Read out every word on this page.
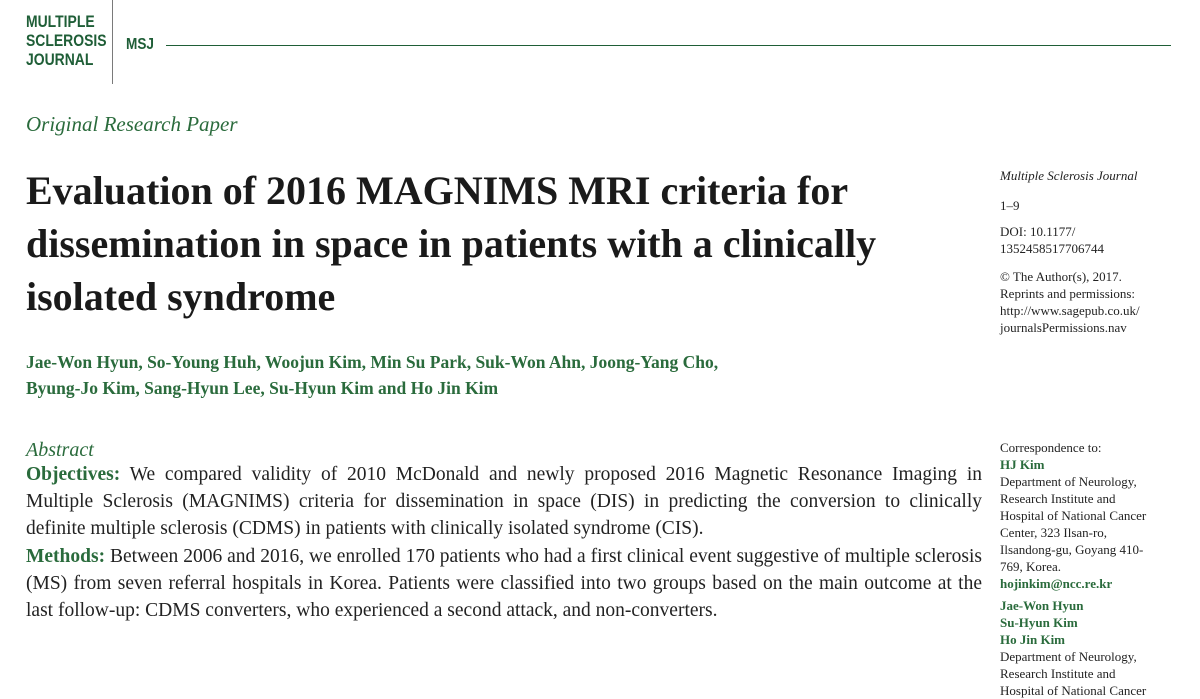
MULTIPLE
SCLEROSIS
JOURNAL
MSJ
Original Research Paper
Evaluation of 2016 MAGNIMS MRI criteria for dissemination in space in patients with a clinically isolated syndrome
Jae-Won Hyun, So-Young Huh, Woojun Kim, Min Su Park, Suk-Won Ahn, Joong-Yang Cho,
Byung-Jo Kim, Sang-Hyun Lee, Su-Hyun Kim and Ho Jin Kim
Abstract

Objectives: We compared validity of 2010 McDonald and newly proposed 2016 Magnetic Resonance Imaging in Multiple Sclerosis (MAGNIMS) criteria for dissemination in space (DIS) in predicting the conversion to clinically definite multiple sclerosis (CDMS) in patients with clinically isolated syndrome (CIS).

Methods: Between 2006 and 2016, we enrolled 170 patients who had a first clinical event suggestive of multiple sclerosis (MS) from seven referral hospitals in Korea. Patients were classified into two groups based on the main outcome at the last follow-up: CDMS converters, who experienced a second attack, and non-converters.

Multiple Sclerosis Journal
1–9
DOI: 10.1177/
1352458517706744
© The Author(s), 2017.
Reprints and permissions:
http://www.sagepub.co.uk/
journalsPermissions.nav
Correspondence to:
HJ Kim
Department of Neurology,
Research Institute and
Hospital of National Cancer
Center, 323 Ilsan-ro,
Ilsandong-gu, Goyang 410-
769, Korea.
hojinkim@ncc.re.kr
Jae-Won Hyun
Su-Hyun Kim
Ho Jin Kim
Department of Neurology,
Research Institute and
Hospital of National Cancer
